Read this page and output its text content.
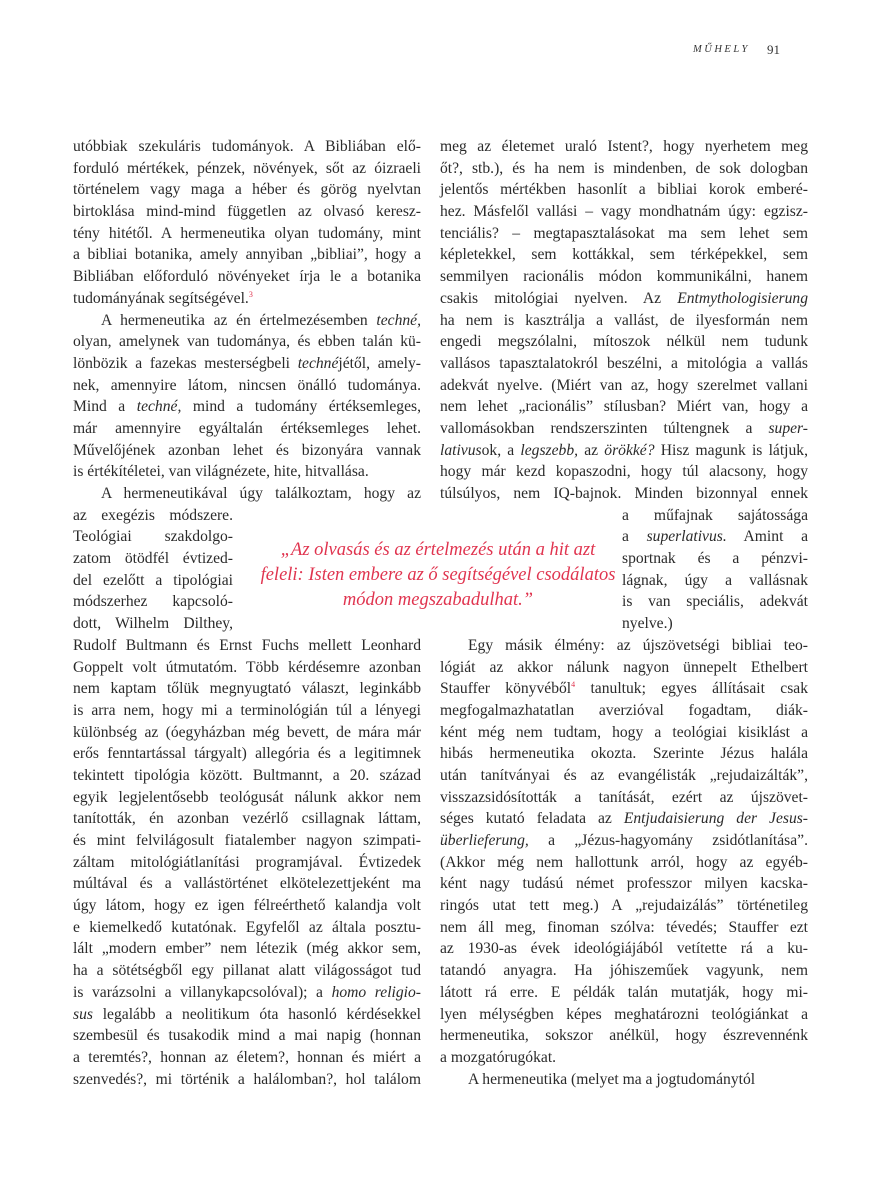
MŰHELY 91
utóbbiak szekuláris tudományok. A Bibliában elő-
forduló mértékek, pénzek, növények, sőt az óizraeli
történelem vagy maga a héber és görög nyelvtan
birtoklása mind-mind független az olvasó keresz-
tény hitétől. A hermeneutika olyan tudomány, mint
a bibliai botanika, amely annyiban „bibliai”, hogy a
Bibliában előforduló növényeket írja le a botanika
tudományának segítségével.$^3$
A hermeneutika az én értelmezésemben techné,
olyan, amelynek van tudománya, és ebben talán kü-
lönbözik a fazekas mesterségbeli technéjétől, amely-
nek, amennyire látom, nincsen önálló tudománya.
Mind a techné, mind a tudomány értéksemleges,
már amennyire egyáltalán értéksemleges lehet.
Művelőjének azonban lehet és bizonyára vannak
is értékítéletei, van világnézete, hite, hitvallása.
A hermeneutikával úgy találkoztam, hogy az
az exegézis módszere.
Teológiai szakdolgo-
zatom ötödfél évtized-
del ezelőtt a tipológiai
módszerhez kapcsoló-
dott, Wilhelm Dilthey,
Rudolf Bultmann és Ernst Fuchs mellett Leonhard
Goppelt volt útmutatóm. Több kérdésemre azonban
nem kaptam tőlük megnyugtató választ, leginkább
is arra nem, hogy mi a terminológián túl a lényegi
különbség az (óegyházban még bevett, de mára már
erős fenntartással tárgyalt) allegória és a legitimnek
tekintett tipológia között. Bultmannt, a 20. század
egyik legjelentősebb teológusát nálunk akkor nem
tanították, én azonban vezérlő csillagnak láttam,
és mint felvilágosult fiatalember nagyon szimpati-
záltam mitológiátlanítási programjával. Évtizedek
múltával és a vallástörténet elkötelezettjeként ma
úgy látom, hogy ez igen félreérthető kalandja volt
e kiemelkedő kutatónak. Egyfelől az általa posztu-
lált „modern ember” nem létezik (még akkor sem,
ha a sötétségből egy pillanat alatt világosságot tud
is varázsolni a villanykapcsolóval); a homo religio-
sus legalább a neolitikum óta hasonló kérdésekkel
szembesül és tusakodik mind a mai napig (honnan
a teremtés?, honnan az életem?, honnan és miért a
szenvedés?, mi történik a halálomban?, hol találom
„Az olvasás és az értelmezés után a hit azt
feleli: Isten embere az ő segítségével csodálatos
módon megszabadulhat.”
meg az életemet uraló Istent?, hogy nyerhetem meg
őt?, stb.), és ha nem is mindenben, de sok dologban
jelentős mértékben hasonlít a bibliai korok emberé-
hez. Másfelől vallási – vagy mondhatnám úgy: egzisz-
tenciális? – megtapasztalásokat ma sem lehet sem
képletekkel, sem kottákkal, sem térképekkel, sem
semmilyen racionális módon kommunikálni, hanem
csakis mitológiai nyelven. Az Entmythologisierung
ha nem is kasztrálja a vallást, de ilyesformán nem
engedi megszólalni, mítoszok nélkül nem tudunk
vallásos tapasztalatokról beszélni, a mitológia a vallás
adekvát nyelve. (Miért van az, hogy szerelmet vallani
nem lehet „racionális” stílusban? Miért van, hogy a
vallomásokban rendszerszinten túltengnek a super-
lativusok, a legszebb, az örökké? Hisz magunk is látjuk,
hogy már kezd kopaszodni, hogy túl alacsony, hogy
túlsúlyos, nem IQ-bajnok. Minden bizonnyal ennek
a műfajnak sajátossága
a superlativus. Amint a
sportnak és a pénzvi-
lágnak, úgy a vallásnak
is van speciális, adekvát
nyelve.)
Egy másik élmény: az újszövetségi bibliai teo-
lógiát az akkor nálunk nagyon ünnepelt Ethelbert
Stauffer könyvéből$^4$ tanultuk; egyes állításait csak
megfogalmazhatatlan averzióval fogadtam, diák-
ként még nem tudtam, hogy a teológiai kisiklást a
hibás hermeneutika okozta. Szerinte Jézus halála
után tanítványai és az evangélisták „rejudaizálták”,
visszazsidósították a tanítását, ezért az újszövet-
séges kutató feladata az Entjudaisierung der Jesus-
überlieferung, a „Jézus-hagyomány zsidótlanítása”.
(Akkor még nem hallottunk arról, hogy az egyéb-
ként nagy tudású német professzor milyen kacska-
ringós utat tett meg.) A „rejudaizálás” történetileg
nem áll meg, finoman szólva: tévedés; Stauffer ezt
az 1930-as évek ideológiájából vetítette rá a ku-
tatandó anyagra. Ha jóhiszeműek vagyunk, nem
látott rá erre. E példák talán mutatják, hogy mi-
lyen mélységben képes meghatározni teológiánkat a
hermeneutika, sokszor anélkül, hogy észrevennénk
a mozgatórugókat.
A hermeneutika (melyet ma a jogtudománytól
